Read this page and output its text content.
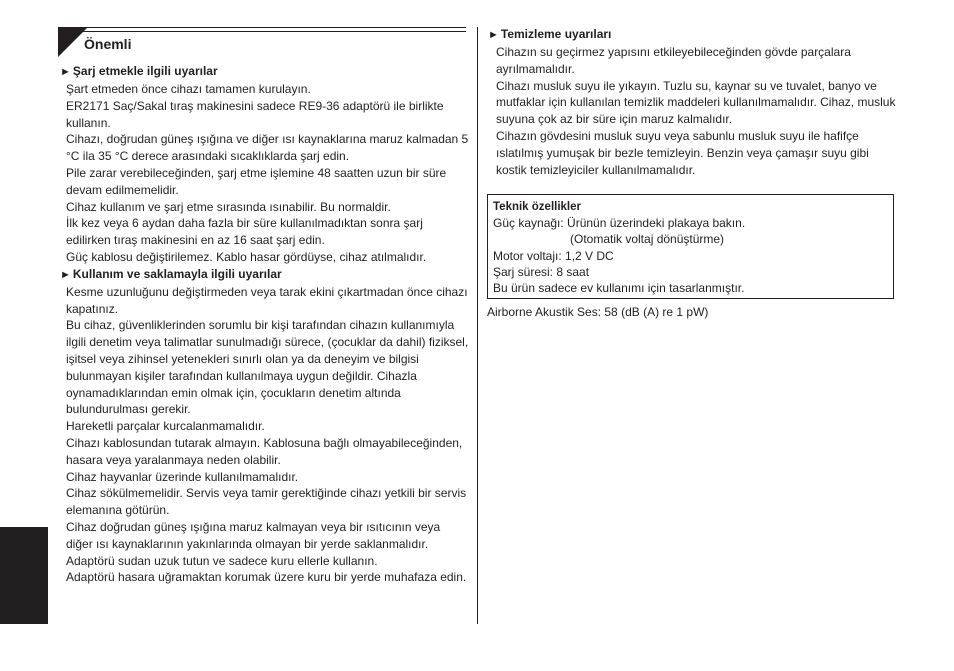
Önemli

► Şarj etmekle ilgili uyarılar

Şart etmeden önce cihazı tamamen kurulayın.

ER2171 Saç/Sakal tıraş makinesini sadece RE9-36 adaptörü ile birlikte kullanın.

Cihazı, doğrudan güneş ışığına ve diğer ısı kaynaklarına maruz kalmadan 5 °C ila 35 °C derece arasındaki sıcaklıklarda şarj edin.

Pile zarar verebileceğinden, şarj etme işlemine 48 saatten uzun bir süre devam edilmemelidir.

Cihaz kullanım ve şarj etme sırasında ısınabilir. Bu normaldir.

İlk kez veya 6 aydan daha fazla bir süre kullanılmadıktan sonra şarj edilirken tıraş makinesini en az 16 saat şarj edin.

Güç kablosu değiştirilemez. Kablo hasar gördüyse, cihaz atılmalıdır.

► Kullanım ve saklamayla ilgili uyarılar

Kesme uzunluğunu değiştirmeden veya tarak ekini çıkartmadan önce cihazı kapatınız.

Bu cihaz, güvenliklerinden sorumlu bir kişi tarafından cihazın kullanımıyla ilgili denetim veya talimatlar sunulmadığı sürece, (çocuklar da dahil) fiziksel, işitsel veya zihinsel yetenekleri sınırlı olan ya da deneyim ve bilgisi bulunmayan kişiler tarafından kullanılmaya uygun değildir. Cihazla oynamadıklarından emin olmak için, çocukların denetim altında bulundurulması gerekir.

Hareketli parçalar kurcalanmamalıdır.

Cihazı kablosundan tutarak almayın. Kablosuna bağlı olmayabileceğinden, hasara veya yaralanmaya neden olabilir.

Cihaz hayvanlar üzerinde kullanılmamalıdır.

Cihaz sökülmemelidir. Servis veya tamir gerektiğinde cihazı yetkili bir servis elemanına götürün.

Cihaz doğrudan güneş ışığına maruz kalmayan veya bir ısıtıcının veya diğer ısı kaynaklarının yakınlarında olmayan bir yerde saklanmalıdır.

Adaptörü sudan uzuk tutun ve sadece kuru ellerle kullanın.

Adaptörü hasara uğramaktan korumak üzere kuru bir yerde muhafaza edin.

► Temizleme uyarıları

Cihazın su geçirmez yapısını etkileyebileceğinden gövde parçalara ayrılmamalıdır.

Cihazı musluk suyu ile yıkayın. Tuzlu su, kaynar su ve tuvalet, banyo ve mutfaklar için kullanılan temizlik maddeleri kullanılmamalıdır. Cihaz, musluk suyuna çok az bir süre için maruz kalmalıdır.

Cihazın gövdesini musluk suyu veya sabunlu musluk suyu ile hafifçe ıslatılmış yumuşak bir bezle temizleyin. Benzin veya çamaşır suyu gibi kostik temizleyiciler kullanılmamalıdır.

Teknik özellikler

Güç kaynağı: Ürünün üzerindeki plakaya bakın.

(Otomatik voltaj dönüştürme)

Motor voltajı: 1,2 V DC

Şarj süresi: 8 saat

Bu ürün sadece ev kullanımı için tasarlanmıştır.

Airborne Akustik Ses: 58 (dB (A) re 1 pW)
Türkçe
